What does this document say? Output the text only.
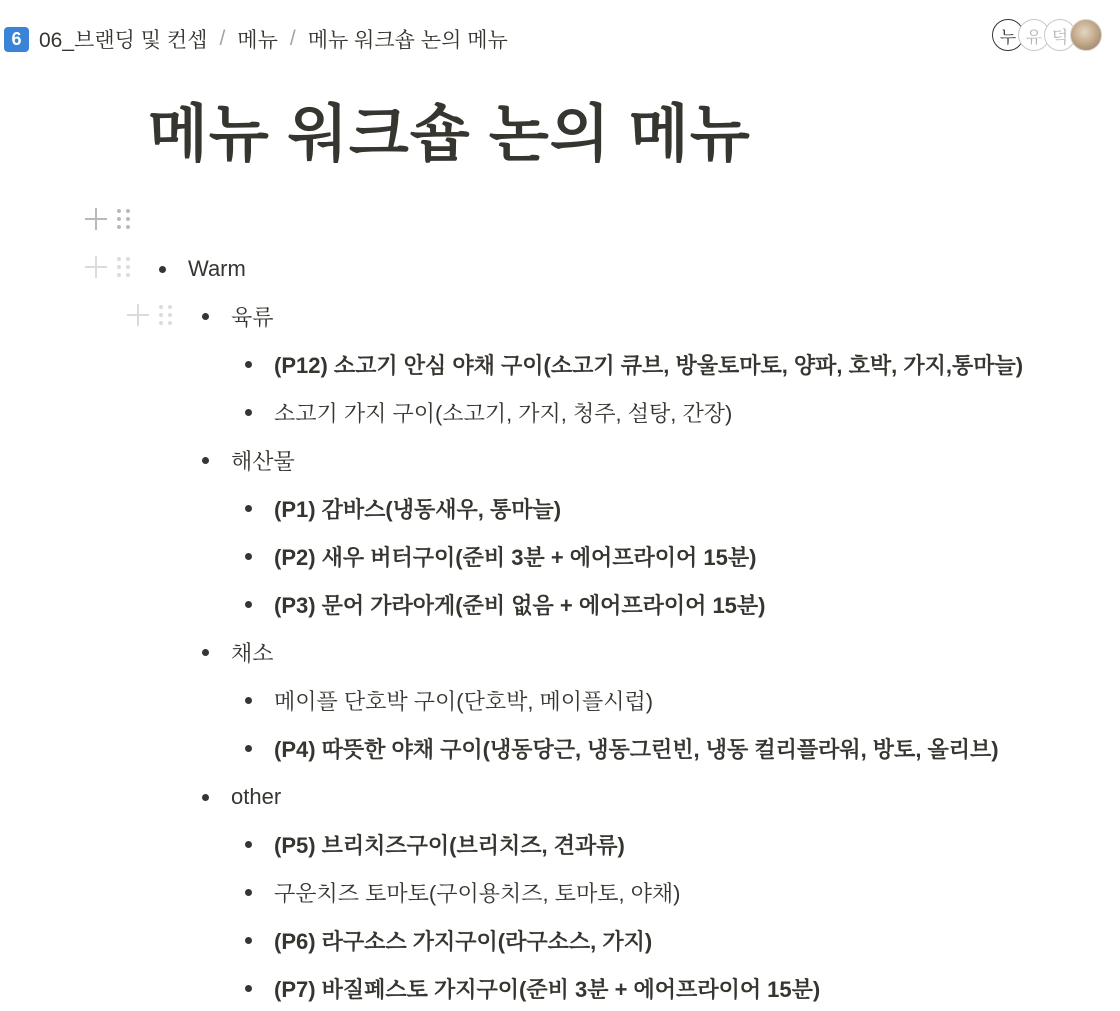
6 06_브랜딩 및 컨셉 / 메뉴 / 메뉴 워크숍 논의 메뉴	누 유 덕
메뉴 워크숍 논의 메뉴
Warm
육류
(P12) 소고기 안심 야채 구이(소고기 큐브, 방울토마토, 양파, 호박, 가지,통마늘)
소고기 가지 구이(소고기, 가지, 청주, 설탕, 간장)
해산물
(P1) 감바스(냉동새우, 통마늘)
(P2) 새우 버터구이(준비 3분 + 에어프라이어 15분)
(P3) 문어 가라아게(준비 없음 + 에어프라이어 15분)
채소
메이플 단호박 구이(단호박, 메이플시럽)
(P4) 따뜻한 야채 구이(냉동당근, 냉동그린빈, 냉동 컬리플라워, 방토, 올리브)
other
(P5) 브리치즈구이(브리치즈, 견과류)
구운치즈 토마토(구이용치즈, 토마토, 야채)
(P6) 라구소스 가지구이(라구소스, 가지)
(P7) 바질페스토 가지구이(준비 3분 + 에어프라이어 15분)
